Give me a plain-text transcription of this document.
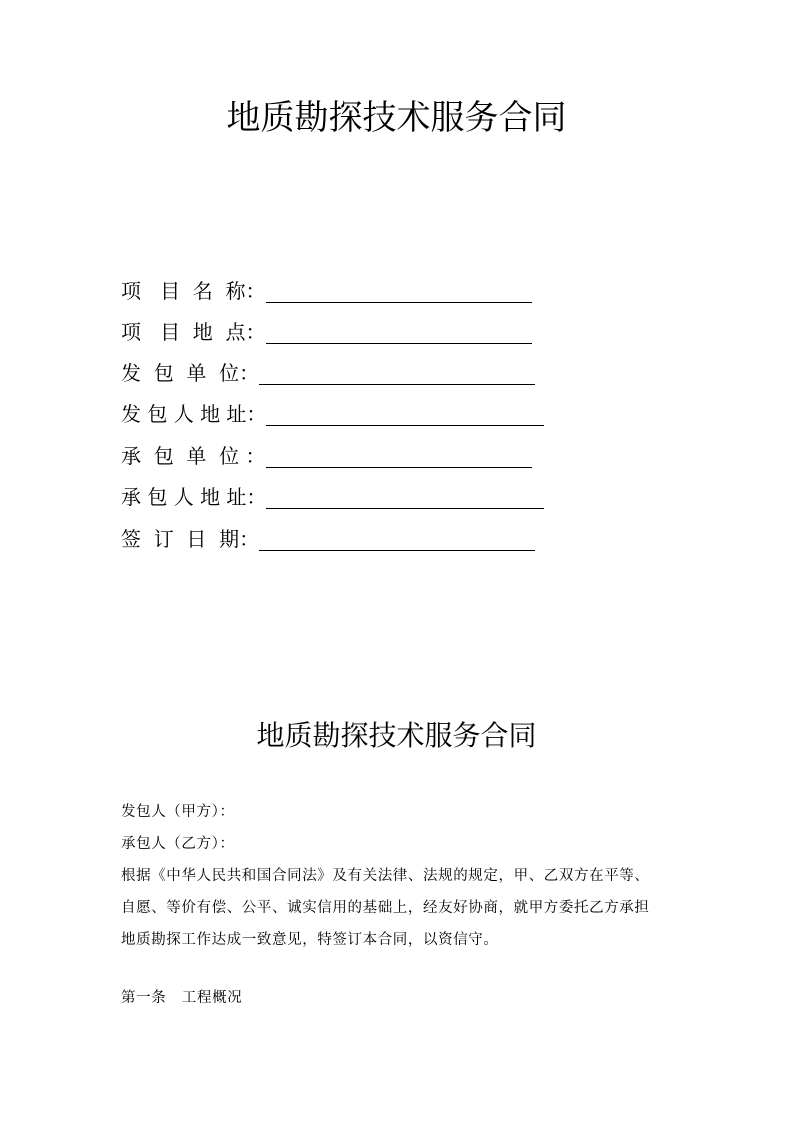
地质勘探技术服务合同
项   目  名  称：
项   目  地  点：
发  包  单  位：
发 包 人 地 址：
承  包  单  位 ：
承 包 人 地 址：
签  订  日  期：
地质勘探技术服务合同
发包人（甲方）：
承包人（乙方）：
根据《中华人民共和国合同法》及有关法律、法规的规定，甲、乙双方在平等、
自愿、等价有偿、公平、诚实信用的基础上，经友好协商，就甲方委托乙方承担
地质勘探工作达成一致意见，特签订本合同，以资信守。
第一条   工程概况
